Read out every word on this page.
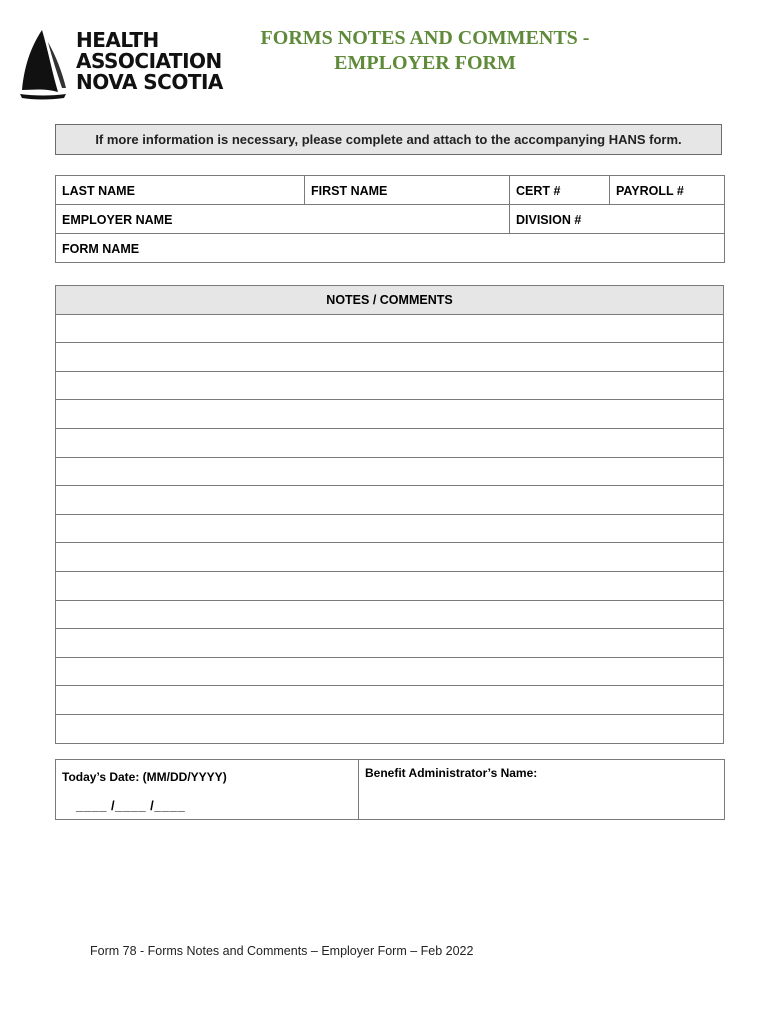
HEALTH
ASSOCIATION
NOVA SCOTIA
FORMS NOTES AND COMMENTS -
EMPLOYER FORM
If more information is necessary, please complete and attach to the accompanying HANS form.
LAST NAME	FIRST NAME	CERT #	PAYROLL #
EMPLOYER NAME		DIVISION #	
FORM NAME			
NOTES / COMMENTS

Today’s Date: (MM/DD/YYYY)
____ /____ /____
	Benefit Administrator’s Name:
Form 78 - Forms Notes and Comments – Employer Form – Feb 2022
